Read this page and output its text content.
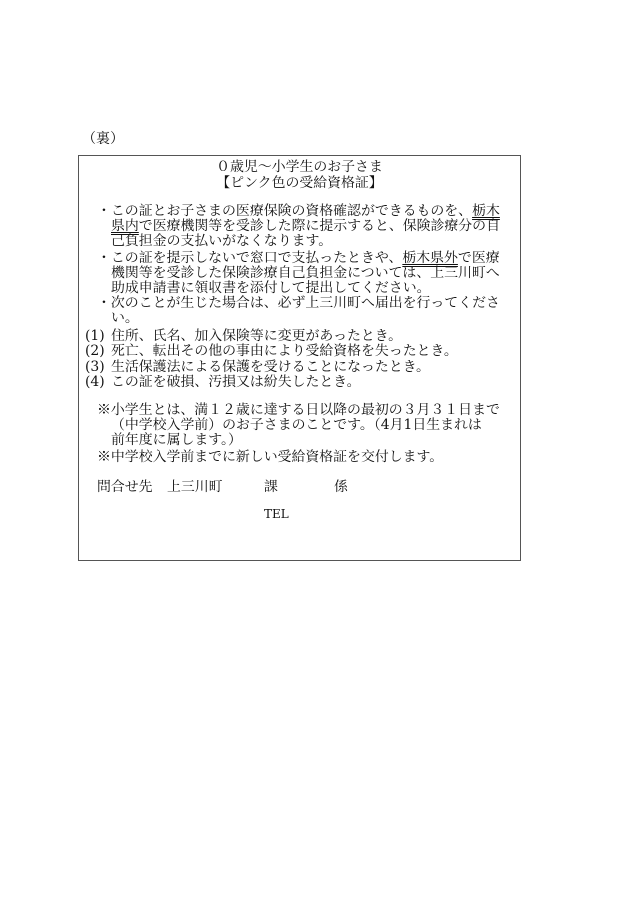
（裏）
０歳児～小学生のお子さま
【ピンク色の受給資格証】
・この証とお子さまの医療保険の資格確認ができるものを、栃木
県内で医療機関等を受診した際に提示すると、保険診療分の自
己負担金の支払いがなくなります。
・この証を提示しないで窓口で支払ったときや、栃木県外で医療
機関等を受診した保険診療自己負担金については、上三川町へ
助成申請書に領収書を添付して提出してください。
・次のことが生じた場合は、必ず上三川町へ届出を行ってくださ
い。
(1) 住所、氏名、加入保険等に変更があったとき。
(2) 死亡、転出その他の事由により受給資格を失ったとき。
(3) 生活保護法による保護を受けることになったとき。
(4) この証を破損、汚損又は紛失したとき。
※小学生とは、満１２歳に達する日以降の最初の３月３１日まで
（中学校入学前）のお子さまのことです。（4月1日生まれは
前年度に属します。）
※中学校入学前までに新しい受給資格証を交付します。
問合せ先 上三川町	課	係
TEL
